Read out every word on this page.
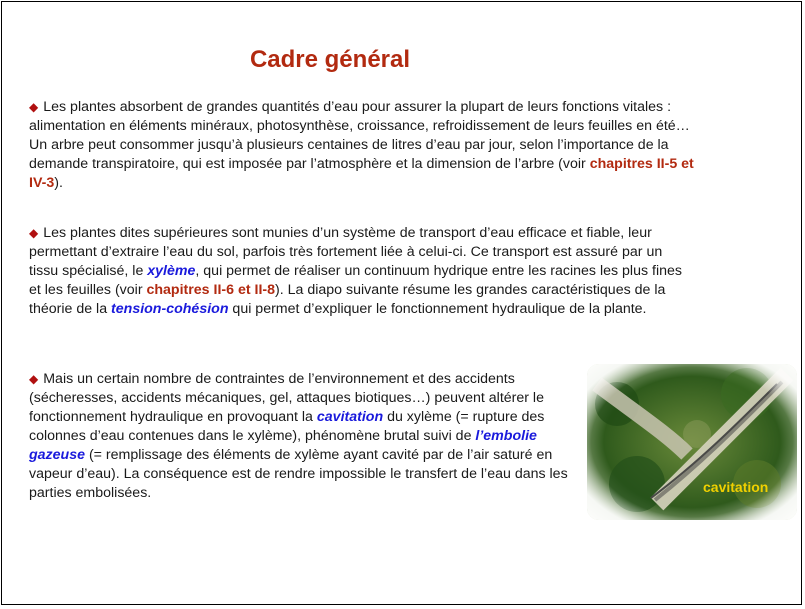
Cadre général

◆ Les plantes absorbent de grandes quantités d’eau pour assurer la plupart de leurs fonctions vitales : alimentation en éléments minéraux, photosynthèse, croissance, refroidissement de leurs feuilles en été… Un arbre peut consommer jusqu’à plusieurs centaines de litres d’eau par jour, selon l’importance de la demande transpiratoire, qui est imposée par l’atmosphère et la dimension de l’arbre (voir chapitres II-5 et IV-3).

◆ Les plantes dites supérieures sont munies d’un système de transport d’eau efficace et fiable, leur permettant d’extraire l’eau du sol, parfois très fortement liée à celui-ci. Ce transport est assuré par un tissu spécialisé, le xylème, qui permet de réaliser un continuum hydrique entre les racines les plus fines et les feuilles (voir chapitres II-6 et II-8). La diapo suivante résume les grandes caractéristiques de la théorie de la tension-cohésion qui permet d’expliquer le fonctionnement hydraulique de la plante.

◆ Mais un certain nombre de contraintes de l’environnement et des accidents (sécheresses, accidents mécaniques, gel, attaques biotiques…) peuvent altérer le fonctionnement hydraulique en provoquant la cavitation du xylème (= rupture des colonnes d’eau contenues dans le xylème), phénomène brutal suivi de l’embolie gazeuse (= remplissage des éléments de xylème ayant cavité par de l’air saturé en vapeur d’eau). La conséquence est de rendre impossible le transfert de l’eau dans les parties embolisées.	cavitation
